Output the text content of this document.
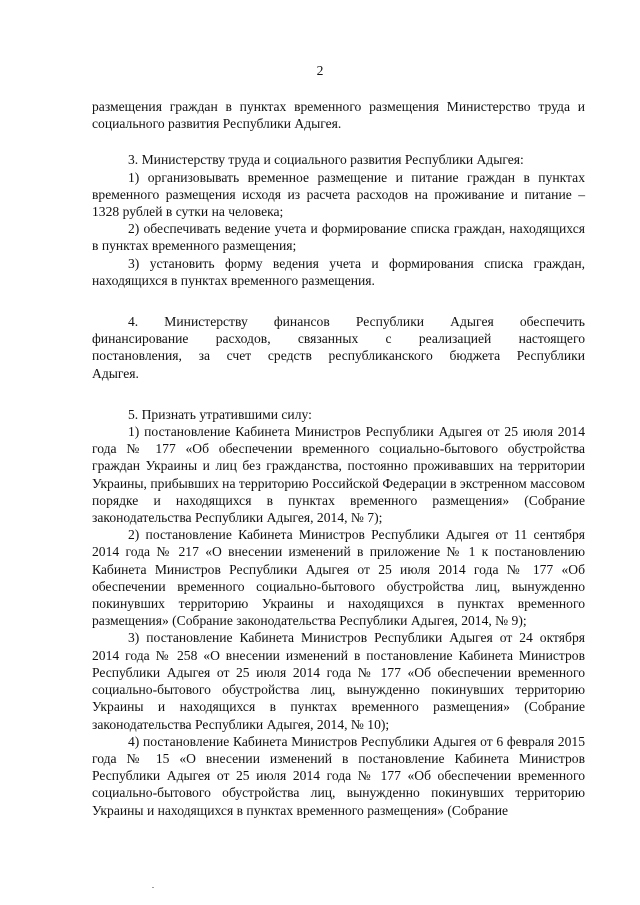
2

размещения граждан в пунктах временного размещения Министерство труда и социального развития Республики Адыгея.

3. Министерству труда и социального развития Республики Адыгея:

1) организовывать временное размещение и питание граждан в пунктах временного размещения исходя из расчета расходов на проживание и питание – 1328 рублей в сутки на человека;

2) обеспечивать ведение учета и формирование списка граждан, находящихся в пунктах временного размещения;

3) установить форму ведения учета и формирования списка граждан, находящихся в пунктах временного размещения.

4. Министерству финансов Республики Адыгея обеспечить финансирование расходов, связанных с реализацией настоящего постановления, за счет средств республиканского бюджета Республики Адыгея.

5. Признать утратившими силу:

1) постановление Кабинета Министров Республики Адыгея от 25 июля 2014 года № 177 «Об обеспечении временного социально-бытового обустройства граждан Украины и лиц без гражданства, постоянно проживавших на территории Украины, прибывших на территорию Российской Федерации в экстренном массовом порядке и находящихся в пунктах временного размещения» (Собрание законодательства Республики Адыгея, 2014, № 7);

2) постановление Кабинета Министров Республики Адыгея от 11 сентября 2014 года № 217 «О внесении изменений в приложение № 1 к постановлению Кабинета Министров Республики Адыгея от 25 июля 2014 года № 177 «Об обеспечении временного социально-бытового обустройства лиц, вынужденно покинувших территорию Украины и находящихся в пунктах временного размещения» (Собрание законодательства Республики Адыгея, 2014, № 9);

3) постановление Кабинета Министров Республики Адыгея от 24 октября 2014 года № 258 «О внесении изменений в постановление Кабинета Министров Республики Адыгея от 25 июля 2014 года № 177 «Об обеспечении временного социально-бытового обустройства лиц, вынужденно покинувших территорию Украины и находящихся в пунктах временного размещения» (Собрание законодательства Республики Адыгея, 2014, № 10);

4) постановление Кабинета Министров Республики Адыгея от 6 февраля 2015 года № 15 «О внесении изменений в постановление Кабинета Министров Республики Адыгея от 25 июля 2014 года № 177 «Об обеспечении временного социально-бытового обустройства лиц, вынужденно покинувших территорию Украины и находящихся в пунктах временного размещения» (Собрание
